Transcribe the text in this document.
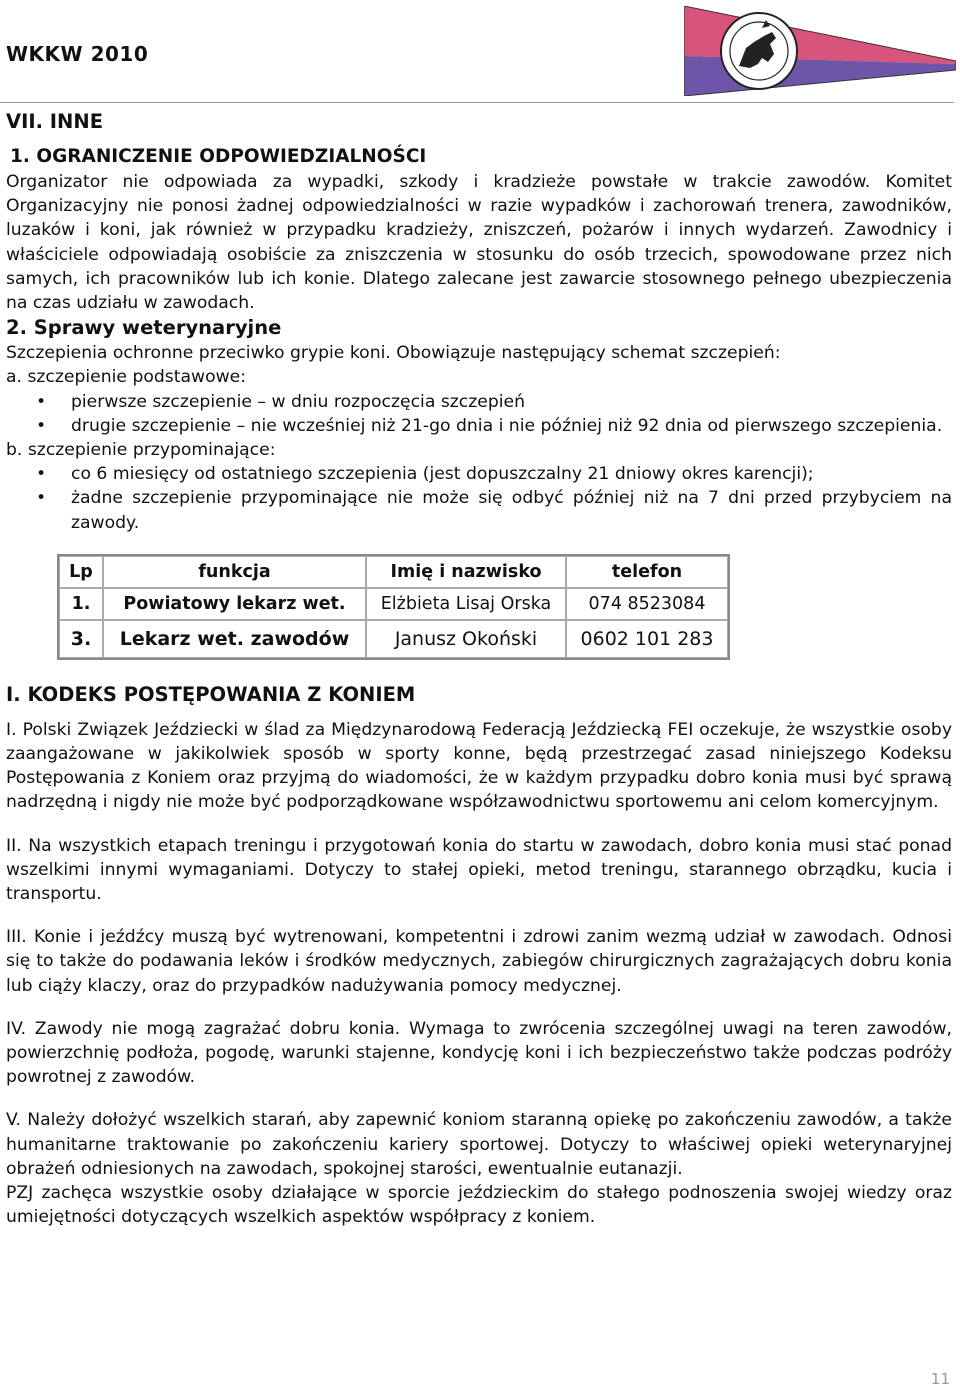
WKKW 2010
VII. INNE
1. OGRANICZENIE ODPOWIEDZIALNOŚCI

Organizator nie odpowiada za wypadki, szkody i kradzieże powstałe w trakcie zawodów. Komitet Organizacyjny nie ponosi żadnej odpowiedzialności w razie wypadków i zachorowań trenera, zawodników, luzaków i koni, jak również w przypadku kradzieży, zniszczeń, pożarów i innych wydarzeń. Zawodnicy i właściciele odpowiadają osobiście za zniszczenia w stosunku do osób trzecich, spowodowane przez nich samych, ich pracowników lub ich konie. Dlatego zalecane jest zawarcie stosownego pełnego ubezpieczenia na czas udziału w zawodach.

2. Sprawy weterynaryjne

Szczepienia ochronne przeciwko grypie koni. Obowiązuje następujący schemat szczepień:

a. szczepienie podstawowe:

• pierwsze szczepienie – w dniu rozpoczęcia szczepień
• drugie szczepienie – nie wcześniej niż 21-go dnia i nie później niż 92 dnia od pierwszego szczepienia.

b. szczepienie przypominające:

• co 6 miesięcy od ostatniego szczepienia (jest dopuszczalny 21 dniowy okres karencji);
• żadne szczepienie przypominające nie może się odbyć później niż na 7 dni przed przybyciem na zawody.
Lp	funkcja	Imię i nazwisko	telefon
1.	Powiatowy lekarz wet.	Elżbieta Lisaj Orska	074 8523084
3.	Lekarz wet. zawodów	Janusz Okoński	0602 101 283
I. KODEKS POSTĘPOWANIA Z KONIEM

I. Polski Związek Jeździecki w ślad za Międzynarodową Federacją Jeździecką FEI oczekuje, że wszystkie osoby zaangażowane w jakikolwiek sposób w sporty konne, będą przestrzegać zasad niniejszego Kodeksu Postępowania z Koniem oraz przyjmą do wiadomości, że w każdym przypadku dobro konia musi być sprawą nadrzędną i nigdy nie może być podporządkowane współzawodnictwu sportowemu ani celom komercyjnym.

II. Na wszystkich etapach treningu i przygotowań konia do startu w zawodach, dobro konia musi stać ponad wszelkimi innymi wymaganiami. Dotyczy to stałej opieki, metod treningu, starannego obrządku, kucia i transportu.

III. Konie i jeźdźcy muszą być wytrenowani, kompetentni i zdrowi zanim wezmą udział w zawodach. Odnosi się to także do podawania leków i środków medycznych, zabiegów chirurgicznych zagrażających dobru konia lub ciąży klaczy, oraz do przypadków nadużywania pomocy medycznej.

IV. Zawody nie mogą zagrażać dobru konia. Wymaga to zwrócenia szczególnej uwagi na teren zawodów, powierzchnię podłoża, pogodę, warunki stajenne, kondycję koni i ich bezpieczeństwo także podczas podróży powrotnej z zawodów.

V. Należy dołożyć wszelkich starań, aby zapewnić koniom staranną opiekę po zakończeniu zawodów, a także humanitarne traktowanie po zakończeniu kariery sportowej. Dotyczy to właściwej opieki weterynaryjnej obrażeń odniesionych na zawodach, spokojnej starości, ewentualnie eutanazji.

PZJ zachęca wszystkie osoby działające w sporcie jeździeckim do stałego podnoszenia swojej wiedzy oraz umiejętności dotyczących wszelkich aspektów współpracy z koniem.

11
